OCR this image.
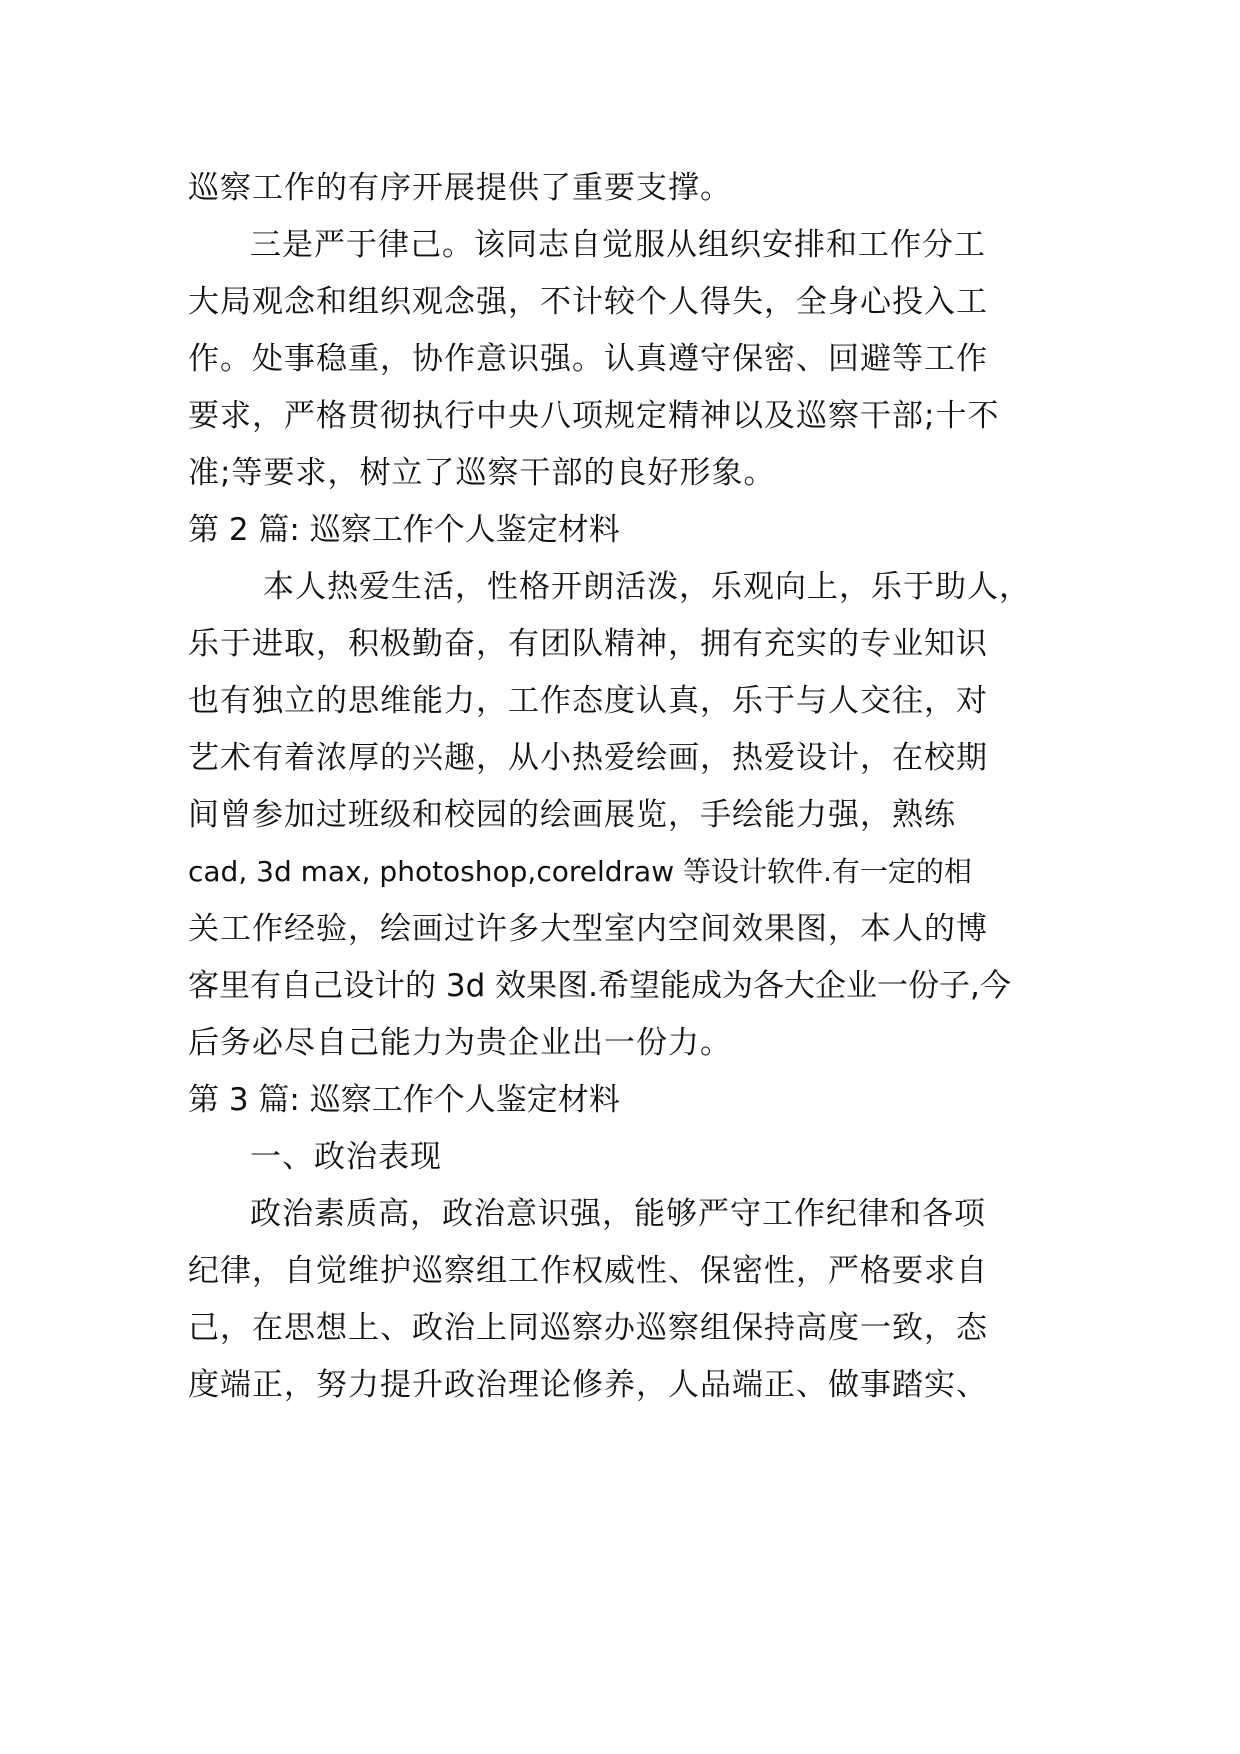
巡察工作的有序开展提供了重要支撑。
三是严于律己。该同志自觉服从组织安排和工作分工
大局观念和组织观念强，不计较个人得失，全身心投入工
作。处事稳重，协作意识强。认真遵守保密、回避等工作
要求，严格贯彻执行中央八项规定精神以及巡察干部;十不
准;等要求，树立了巡察干部的良好形象。
第 2 篇: 巡察工作个人鉴定材料
本人热爱生活，性格开朗活泼，乐观向上，乐于助人，
乐于进取，积极勤奋，有团队精神，拥有充实的专业知识
也有独立的思维能力，工作态度认真，乐于与人交往，对
艺术有着浓厚的兴趣，从小热爱绘画，热爱设计，在校期
间曾参加过班级和校园的绘画展览，手绘能力强，熟练
cad, 3d max, photoshop,coreldraw 等设计软件.有一定的相
关工作经验，绘画过许多大型室内空间效果图，本人的博
客里有自己设计的 3d 效果图.希望能成为各大企业一份子,今
后务必尽自己能力为贵企业出一份力。
第 3 篇: 巡察工作个人鉴定材料
一、政治表现
政治素质高，政治意识强，能够严守工作纪律和各项
纪律，自觉维护巡察组工作权威性、保密性，严格要求自
己，在思想上、政治上同巡察办巡察组保持高度一致，态
度端正，努力提升政治理论修养，人品端正、做事踏实、
